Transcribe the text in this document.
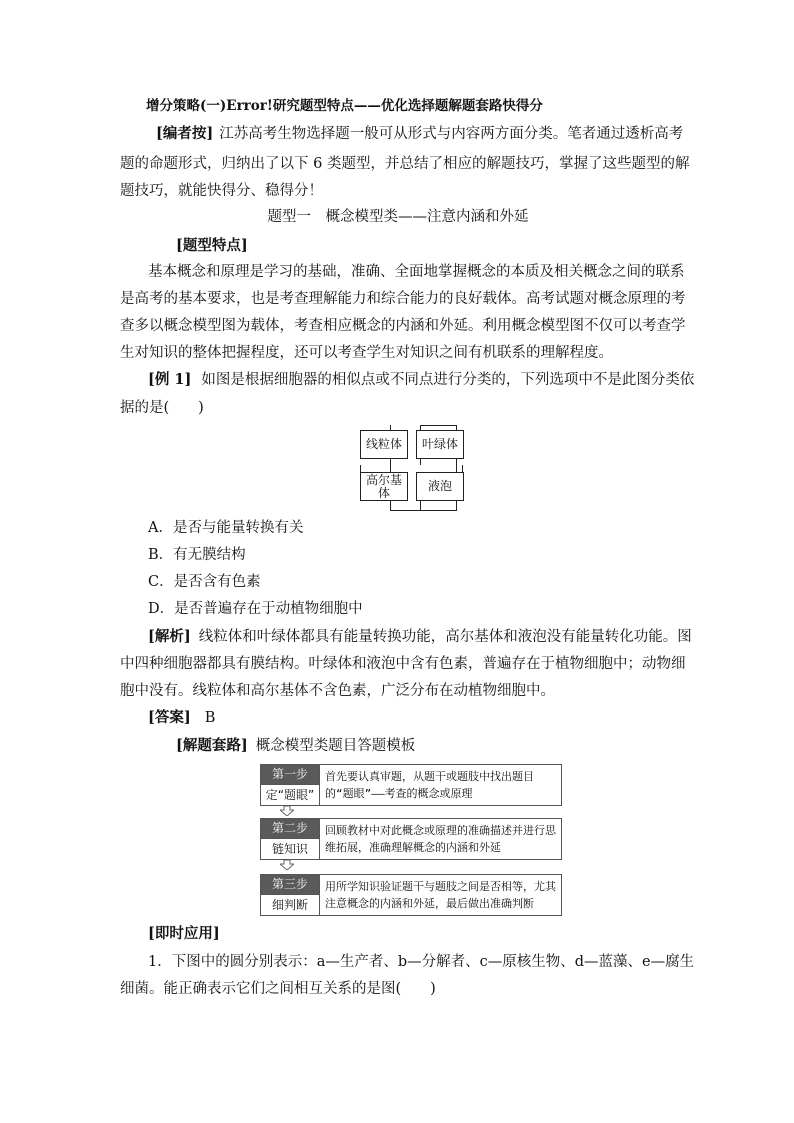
增分策略(一)Error!研究题型特点——优化选择题解题套路快得分
[编者按] 江苏高考生物选择题一般可从形式与内容两方面分类。笔者通过透析高考
题的命题形式，归纳出了以下 6 类题型，并总结了相应的解题技巧，掌握了这些题型的解
题技巧，就能快得分、稳得分！
题型一　概念模型类——注意内涵和外延
[题型特点]
基本概念和原理是学习的基础，准确、全面地掌握概念的本质及相关概念之间的联系
是高考的基本要求，也是考查理解能力和综合能力的良好载体。高考试题对概念原理的考
查多以概念模型图为载体，考查相应概念的内涵和外延。利用概念模型图不仅可以考查学
生对知识的整体把握程度，还可以考查学生对知识之间有机联系的理解程度。
[例 1] 如图是根据细胞器的相似点或不同点进行分类的，下列选项中不是此图分类依
据的是(　　)
线粒体	叶绿体
高尔基体	液泡
A．是否与能量转换有关
B．有无膜结构
C．是否含有色素
D．是否普遍存在于动植物细胞中
[解析] 线粒体和叶绿体都具有能量转换功能，高尔基体和液泡没有能量转化功能。图
中四种细胞器都具有膜结构。叶绿体和液泡中含有色素，普遍存在于植物细胞中；动物细
胞中没有。线粒体和高尔基体不含色素，广泛分布在动植物细胞中。
[答案] B
[解题套路] 概念模型类题目答题模板
第一步
定“题眼”
首先要认真审题，从题干或题肢中找出题目的“题眼”——考查的概念或原理
第二步
链知识
回顾教材中对此概念或原理的准确描述并进行思维拓展，准确理解概念的内涵和外延
第三步
细判断
用所学知识验证题干与题肢之间是否相等，尤其注意概念的内涵和外延，最后做出准确判断
[即时应用]
1．下图中的圆分别表示：a—生产者、b—分解者、c—原核生物、d—蓝藻、e—腐生
细菌。能正确表示它们之间相互关系的是图(　　)
